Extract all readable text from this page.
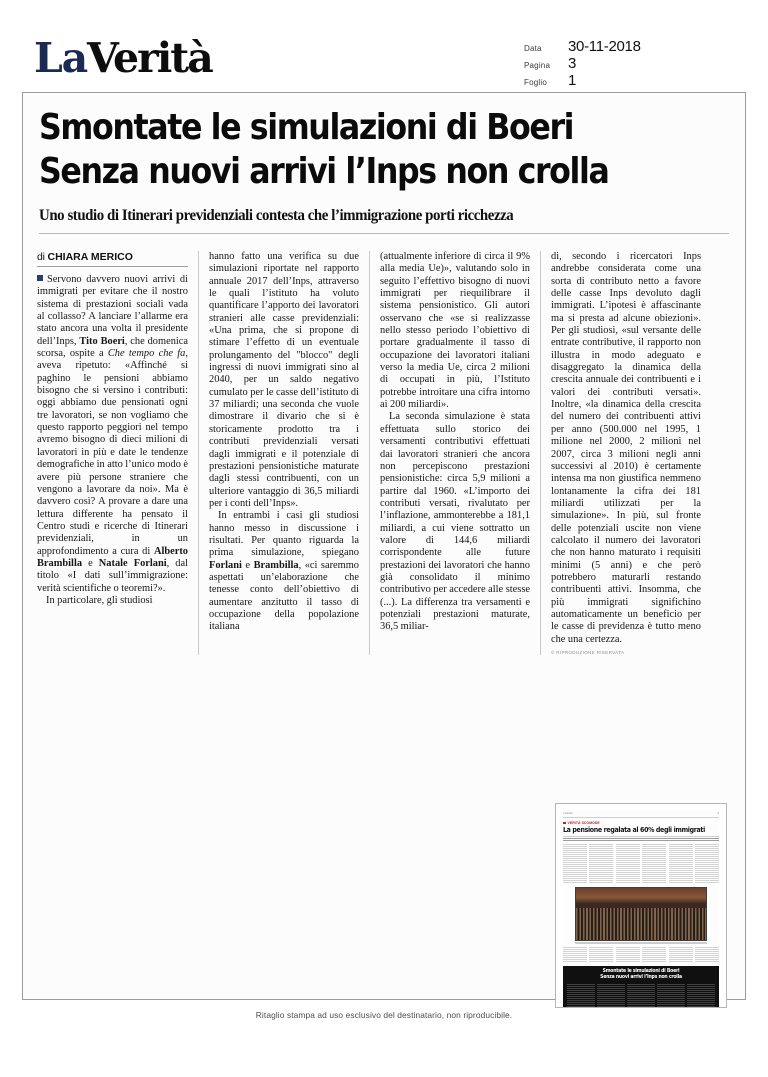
LaVerità	Data	30-11-2018
Pagina	3
Foglio	1
Smontate le simulazioni di Boeri
Senza nuovi arrivi l’Inps non crolla
Uno studio di Itinerari previdenziali contesta che l’immigrazione porti ricchezza
di CHIARA MERICO

Servono davvero nuovi arrivi di immigrati per evitare che il nostro sistema di prestazioni sociali vada al collasso? A lanciare l’allarme era stato ancora una volta il presidente dell’Inps, Tito Boeri, che domenica scorsa, ospite a Che tempo che fa, aveva ripetuto: «Affinché si paghino le pensioni abbiamo bisogno che si versino i contributi: oggi abbiamo due pensionati ogni tre lavoratori, se non vogliamo che questo rapporto peggiori nel tempo avremo bisogno di dieci milioni di lavoratori in più e date le tendenze demografiche in atto l’unico modo è avere più persone straniere che vengono a lavorare da noi». Ma è davvero così? A provare a dare una lettura differente ha pensato il Centro studi e ricerche di Itinerari previdenziali, in un approfondimento a cura di Alberto Brambilla e Natale Forlani, dal titolo «I dati sull’immigrazione: verità scientifiche o teoremi?».

In particolare, gli studiosi

hanno fatto una verifica su due simulazioni riportate nel rapporto annuale 2017 dell’Inps, attraverso le quali l’istituto ha voluto quantificare l’apporto dei lavoratori stranieri alle casse previdenziali: «Una prima, che si propone di stimare l’effetto di un eventuale prolungamento del "blocco" degli ingressi di nuovi immigrati sino al 2040, per un saldo negativo cumulato per le casse dell’istituto di 37 miliardi; una seconda che vuole dimostrare il divario che si è storicamente prodotto tra i contributi previdenziali versati dagli immigrati e il potenziale di prestazioni pensionistiche maturate dagli stessi contribuenti, con un ulteriore vantaggio di 36,5 miliardi per i conti dell’Inps».

In entrambi i casi gli studiosi hanno messo in discussione i risultati. Per quanto riguarda la prima simulazione, spiegano Forlani e Brambilla, «ci saremmo aspettati un’elaborazione che tenesse conto dell’obiettivo di aumentare anzitutto il tasso di occupazione della popolazione italiana

(attualmente inferiore di circa il 9% alla media Ue)», valutando solo in seguito l’effettivo bisogno di nuovi immigrati per riequilibrare il sistema pensionistico. Gli autori osservano che «se si realizzasse nello stesso periodo l’obiettivo di portare gradualmente il tasso di occupazione dei lavoratori italiani verso la media Ue, circa 2 milioni di occupati in più, l’Istituto potrebbe introitare una cifra intorno ai 200 miliardi».

La seconda simulazione è stata effettuata sullo storico dei versamenti contributivi effettuati dai lavoratori stranieri che ancora non percepiscono prestazioni pensionistiche: circa 5,9 milioni a partire dal 1960. «L’importo dei contributi versati, rivalutato per l’inflazione, ammonterebbe a 181,1 miliardi, a cui viene sottratto un valore di 144,6 miliardi corrispondente alle future prestazioni dei lavoratori che hanno già consolidato il minimo contributivo per accedere alle stesse (...). La differenza tra versamenti e potenziali prestazioni maturate, 36,5 miliar-

di, secondo i ricercatori Inps andrebbe considerata come una sorta di contributo netto a favore delle casse Inps devoluto dagli immigrati. L’ipotesi è affascinante ma si presta ad alcune obiezioni». Per gli studiosi, «sul versante delle entrate contributive, il rapporto non illustra in modo adeguato e disaggregato la dinamica della crescita annuale dei contribuenti e i valori dei contributi versati». Inoltre, «la dinamica della crescita del numero dei contribuenti attivi per anno (500.000 nel 1995, 1 milione nel 2000, 2 milioni nel 2007, circa 3 milioni negli anni successivi al 2010) è certamente intensa ma non giustifica nemmeno lontanamente la cifra dei 181 miliardi utilizzati per la simulazione». In più, sul fronte delle potenziali uscite non viene calcolato il numero dei lavoratori che non hanno maturato i requisiti minimi (5 anni) e che però potrebbero maturarli restando contribuenti attivi. Insomma, che più immigrati significhino automaticamente un beneficio per le casse di previdenza è tutto meno che una certezza.

© RIPRODUZIONE RISERVATA
LaVerità	3
VERITÀ SCOMODE
La pensione regalata al 60% degli immigrati
Smontate le simulazioni di Boeri
Senza nuovi arrivi l’Inps non crolla
Ritaglio stampa ad uso esclusivo del destinatario, non riproducibile.
